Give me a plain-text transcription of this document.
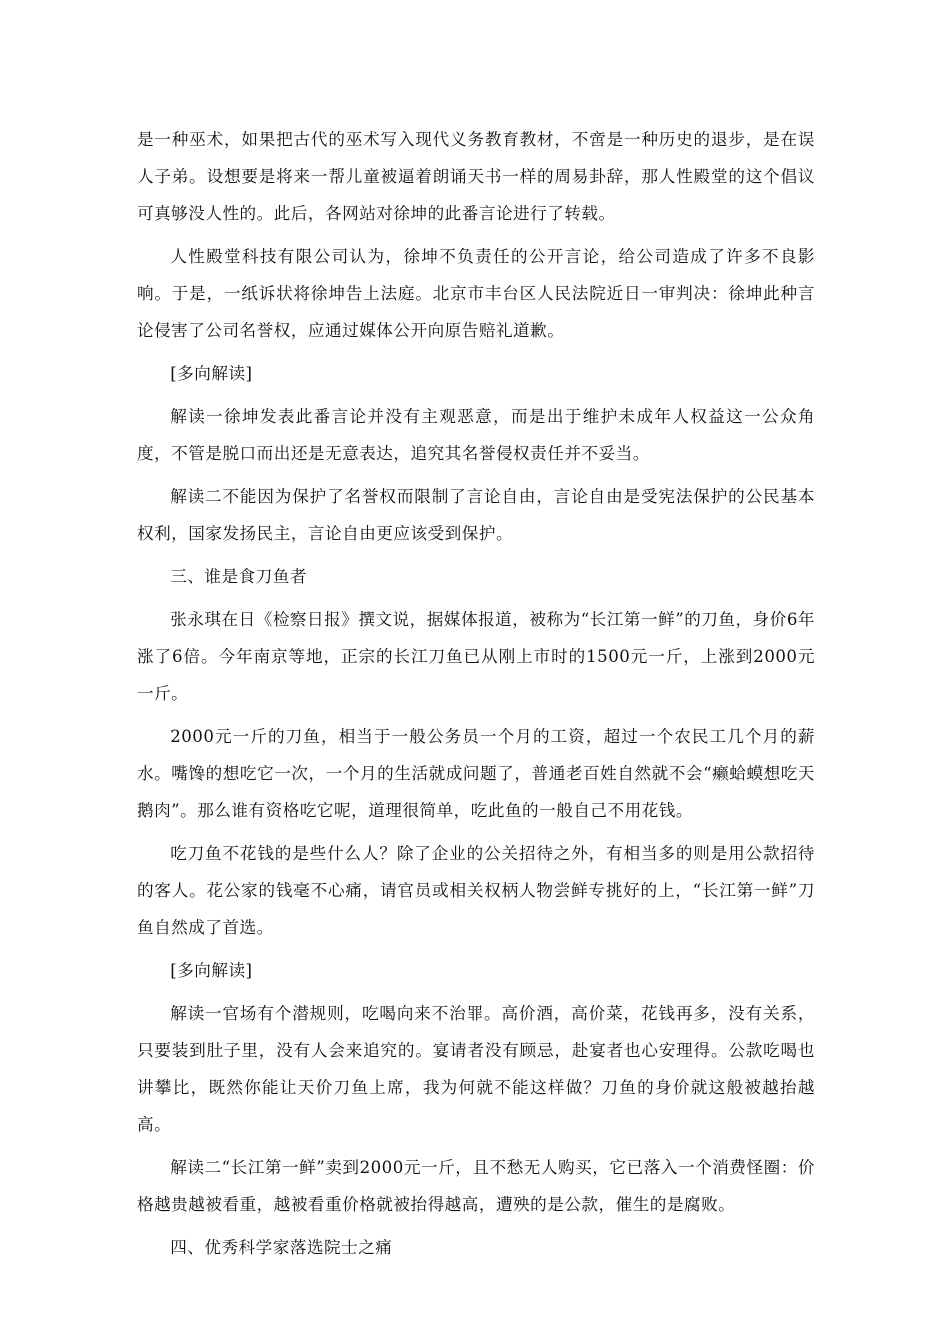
是一种巫术，如果把古代的巫术写入现代义务教育教材，不啻是一种历史的退步，是在误人子弟。设想要是将来一帮儿童被逼着朗诵天书一样的周易卦辞，那人性殿堂的这个倡议可真够没人性的。此后，各网站对徐坤的此番言论进行了转载。

人性殿堂科技有限公司认为，徐坤不负责任的公开言论，给公司造成了许多不良影响。于是，一纸诉状将徐坤告上法庭。北京市丰台区人民法院近日一审判决：徐坤此种言论侵害了公司名誉权，应通过媒体公开向原告赔礼道歉。

[多向解读]

解读一徐坤发表此番言论并没有主观恶意，而是出于维护未成年人权益这一公众角度，不管是脱口而出还是无意表达，追究其名誉侵权责任并不妥当。

解读二不能因为保护了名誉权而限制了言论自由，言论自由是受宪法保护的公民基本权利，国家发扬民主，言论自由更应该受到保护。

三、谁是食刀鱼者

张永琪在日《检察日报》撰文说，据媒体报道，被称为“长江第一鲜”的刀鱼，身价6年涨了6倍。今年南京等地，正宗的长江刀鱼已从刚上市时的1500元一斤，上涨到2000元一斤。

2000元一斤的刀鱼，相当于一般公务员一个月的工资，超过一个农民工几个月的薪水。嘴馋的想吃它一次，一个月的生活就成问题了，普通老百姓自然就不会“癞蛤蟆想吃天鹅肉”。那么谁有资格吃它呢，道理很简单，吃此鱼的一般自己不用花钱。

吃刀鱼不花钱的是些什么人？除了企业的公关招待之外，有相当多的则是用公款招待的客人。花公家的钱毫不心痛，请官员或相关权柄人物尝鲜专挑好的上，“长江第一鲜”刀鱼自然成了首选。

[多向解读]

解读一官场有个潜规则，吃喝向来不治罪。高价酒，高价菜，花钱再多，没有关系，只要装到肚子里，没有人会来追究的。宴请者没有顾忌，赴宴者也心安理得。公款吃喝也讲攀比，既然你能让天价刀鱼上席，我为何就不能这样做？刀鱼的身价就这般被越抬越高。

解读二“长江第一鲜”卖到2000元一斤，且不愁无人购买，它已落入一个消费怪圈：价格越贵越被看重，越被看重价格就被抬得越高，遭殃的是公款，催生的是腐败。

四、优秀科学家落选院士之痛
